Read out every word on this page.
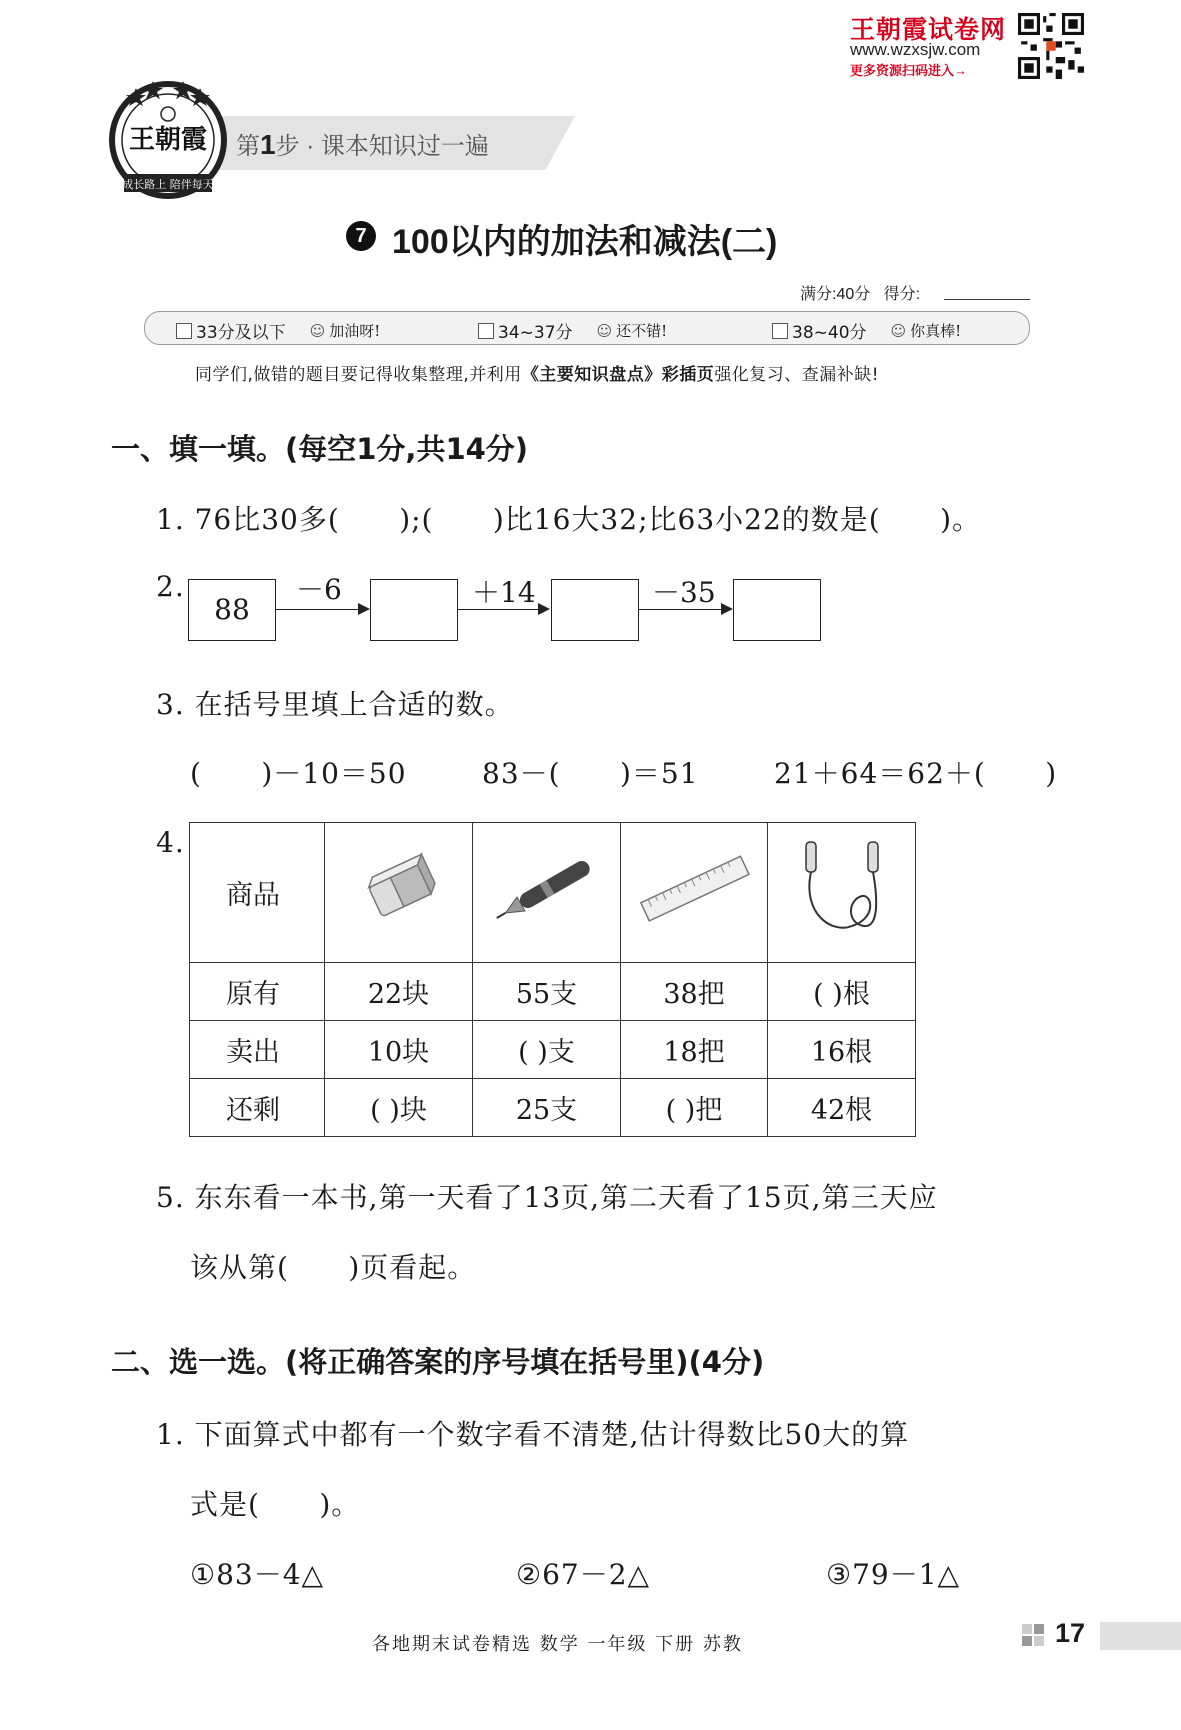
王朝霞试卷网
www.wzxsjw.com
更多资源扫码进入→
王朝霞
成长路上 陪伴每天
第1步 · 课本知识过一遍
7 100以内的加法和减法(二)
满分:40分 得分:
33分及以下 ☺ 加油呀!	34~37分 ☺ 还不错!	38~40分 ☺ 你真棒!
同学们,做错的题目要记得收集整理,并利用《主要知识盘点》彩插页强化复习、查漏补缺!
一、填一填。(每空1分,共14分)
1. 76比30多(      );(      )比16大32;比63小22的数是(      )。
2.
88
－6	＋14	－35
3. 在括号里填上合适的数。
(      )－10＝50	83－(      )＝51	21＋64＝62＋(      )
4.
商品				
原有	22块	55支	38把	( )根
卖出	10块	( )支	18把	16根
还剩	( )块	25支	( )把	42根
5. 东东看一本书,第一天看了13页,第二天看了15页,第三天应
该从第(      )页看起。
二、选一选。(将正确答案的序号填在括号里)(4分)
1. 下面算式中都有一个数字看不清楚,估计得数比50大的算
式是(      )。
①83－4△	②67－2△	③79－1△
各地期末试卷精选 数学 一年级 下册 苏教	17
